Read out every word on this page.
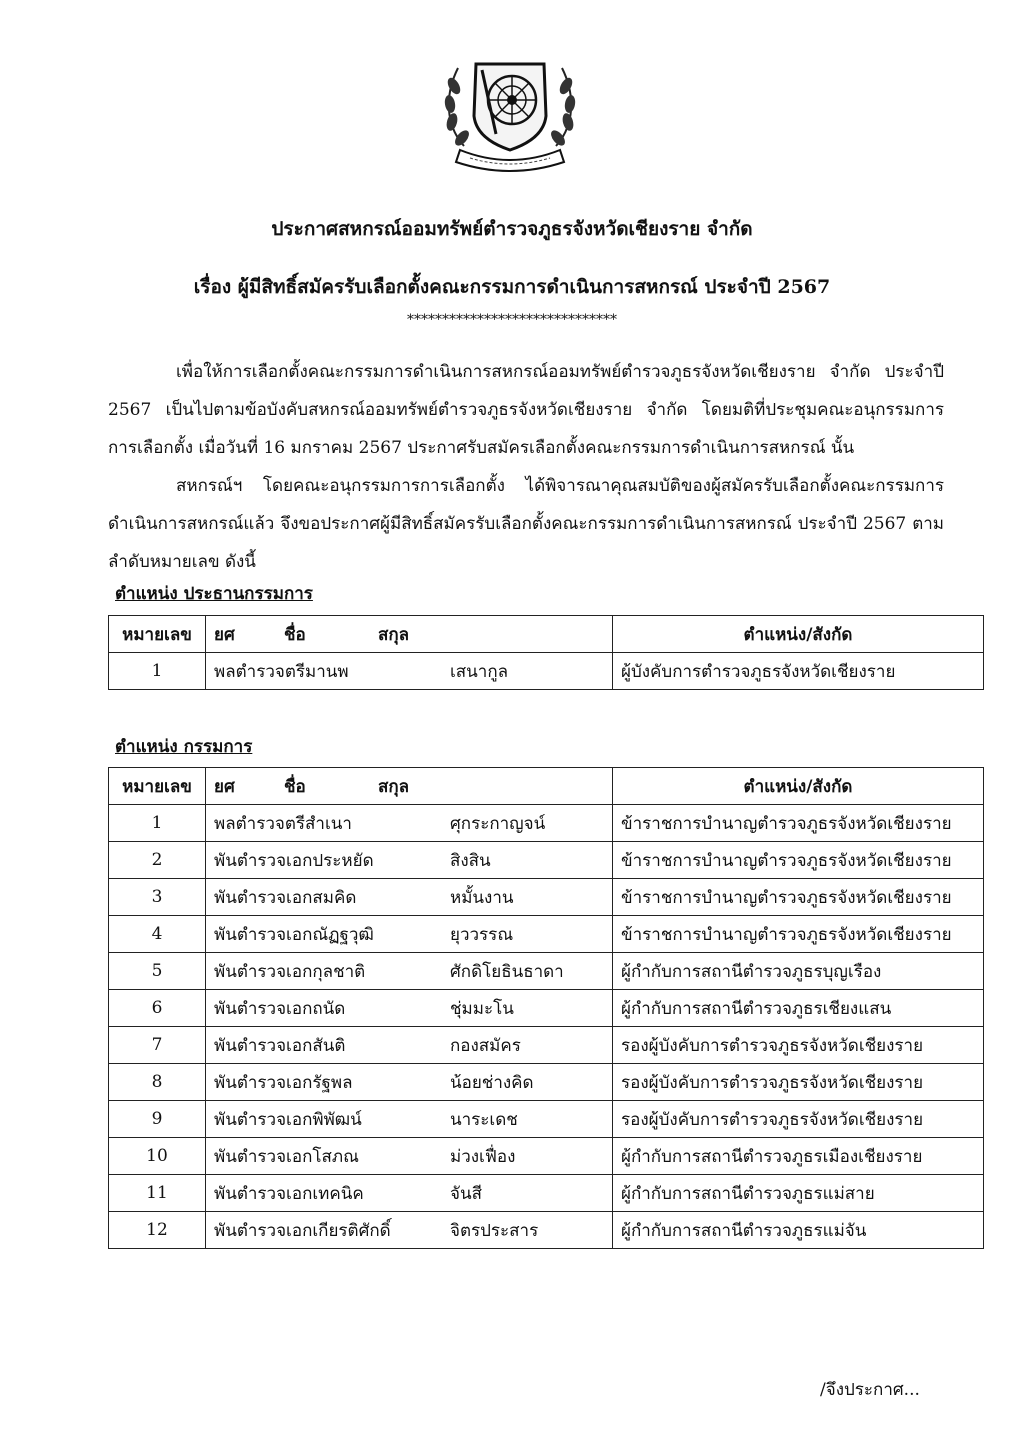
ประกาศสหกรณ์ออมทรัพย์ตำรวจภูธรจังหวัดเชียงราย จำกัด
เรื่อง ผู้มีสิทธิ์สมัครรับเลือกตั้งคณะกรรมการดำเนินการสหกรณ์ ประจำปี 2567
******************************
เพื่อให้การเลือกตั้งคณะกรรมการดำเนินการสหกรณ์ออมทรัพย์ตำรวจภูธรจังหวัดเชียงราย จำกัด ประจำปี 2567 เป็นไปตามข้อบังคับสหกรณ์ออมทรัพย์ตำรวจภูธรจังหวัดเชียงราย จำกัด โดยมติที่ประชุมคณะอนุกรรมการการเลือกตั้ง เมื่อวันที่ 16 มกราคม 2567 ประกาศรับสมัครเลือกตั้งคณะกรรมการดำเนินการสหกรณ์ นั้น
สหกรณ์ฯ โดยคณะอนุกรรมการการเลือกตั้ง ได้พิจารณาคุณสมบัติของผู้สมัครรับเลือกตั้งคณะกรรมการดำเนินการสหกรณ์แล้ว จึงขอประกาศผู้มีสิทธิ์สมัครรับเลือกตั้งคณะกรรมการดำเนินการสหกรณ์ ประจำปี 2567 ตามลำดับหมายเลข ดังนี้
ตำแหน่ง ประธานกรรมการ
หมายเลข	ยศ ชื่อ สกุล	ตำแหน่ง/สังกัด
1	พลตำรวจตรีมานพ เสนากูล	ผู้บังคับการตำรวจภูธรจังหวัดเชียงราย
ตำแหน่ง กรรมการ
หมายเลข	ยศ ชื่อ สกุล	ตำแหน่ง/สังกัด
1	พลตำรวจตรีสำเนา ศุกระกาญจน์	ข้าราชการบำนาญตำรวจภูธรจังหวัดเชียงราย
2	พันตำรวจเอกประหยัด สิงสิน	ข้าราชการบำนาญตำรวจภูธรจังหวัดเชียงราย
3	พันตำรวจเอกสมคิด หมั้นงาน	ข้าราชการบำนาญตำรวจภูธรจังหวัดเชียงราย
4	พันตำรวจเอกณัฏฐวุฒิ ยุววรรณ	ข้าราชการบำนาญตำรวจภูธรจังหวัดเชียงราย
5	พันตำรวจเอกกุลชาติ ศักดิโยธินธาดา	ผู้กำกับการสถานีตำรวจภูธรบุญเรือง
6	พันตำรวจเอกถนัด ชุ่มมะโน	ผู้กำกับการสถานีตำรวจภูธรเชียงแสน
7	พันตำรวจเอกสันติ กองสมัคร	รองผู้บังคับการตำรวจภูธรจังหวัดเชียงราย
8	พันตำรวจเอกรัฐพล น้อยช่างคิด	รองผู้บังคับการตำรวจภูธรจังหวัดเชียงราย
9	พันตำรวจเอกพิพัฒน์ นาระเดช	รองผู้บังคับการตำรวจภูธรจังหวัดเชียงราย
10	พันตำรวจเอกโสภณ ม่วงเฟื่อง	ผู้กำกับการสถานีตำรวจภูธรเมืองเชียงราย
11	พันตำรวจเอกเทคนิค จันสี	ผู้กำกับการสถานีตำรวจภูธรแม่สาย
12	พันตำรวจเอกเกียรติศักดิ์ จิตรประสาร	ผู้กำกับการสถานีตำรวจภูธรแม่จัน
/จึงประกาศ...
